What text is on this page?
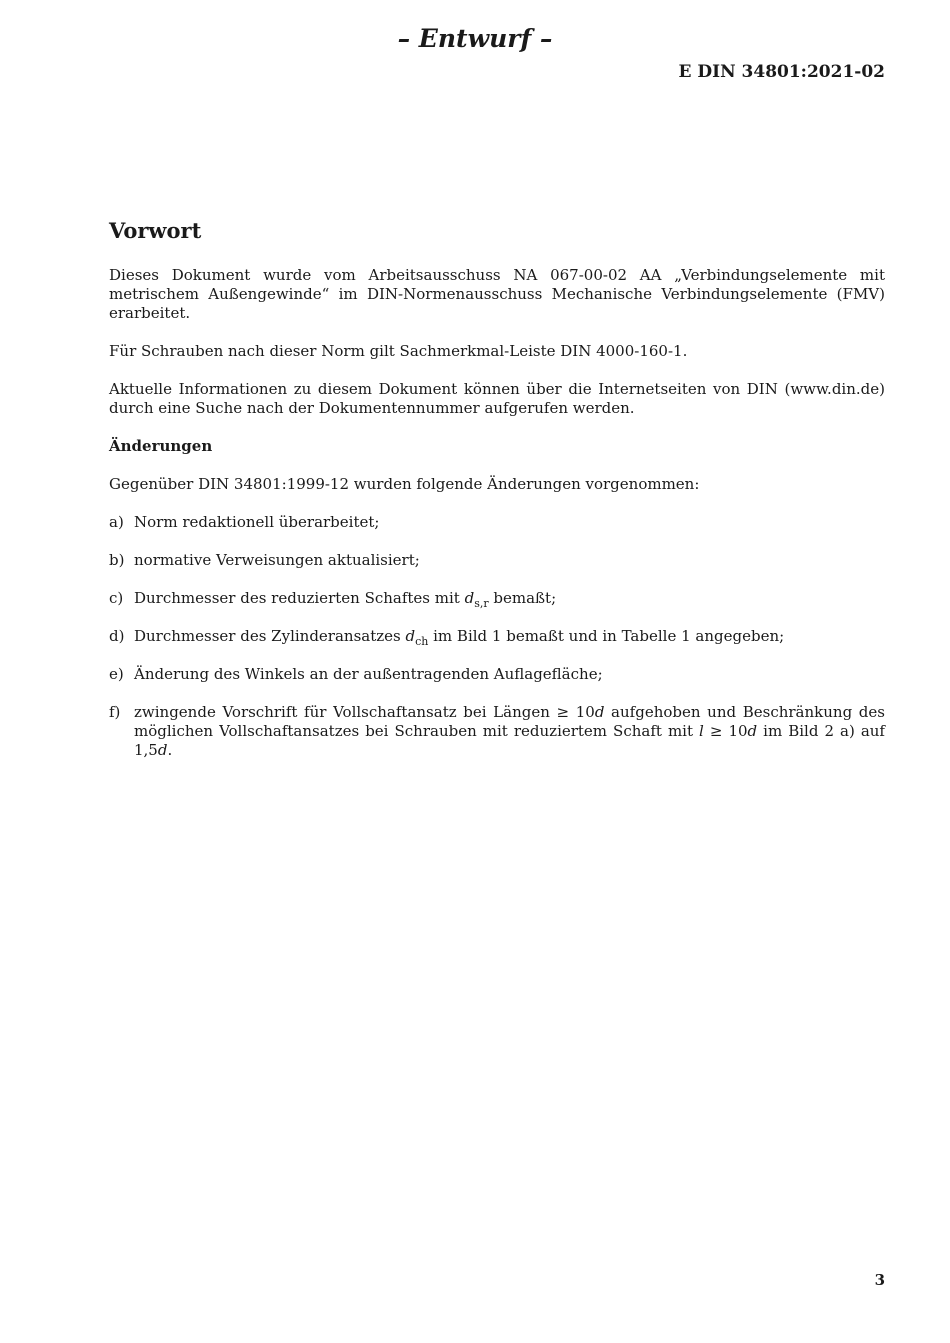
– Entwurf –
E DIN 34801:2021-02
Vorwort

Dieses Dokument wurde vom Arbeitsausschuss NA 067-00-02 AA „Verbindungselemente mit metrischem Außengewinde“ im DIN-Normenausschuss Mechanische Verbindungselemente (FMV) erarbeitet.

Für Schrauben nach dieser Norm gilt Sachmerkmal-Leiste DIN 4000-160-1.

Aktuelle Informationen zu diesem Dokument können über die Internetseiten von DIN (www.din.de) durch eine Suche nach der Dokumentennummer aufgerufen werden.

Änderungen

Gegenüber DIN 34801:1999-12 wurden folgende Änderungen vorgenommen:

a) Norm redaktionell überarbeitet;
b) normative Verweisungen aktualisiert;
c) Durchmesser des reduzierten Schaftes mit $d_{s,r}$ bemaßt;
d) Durchmesser des Zylinderansatzes $d_{ch}$ im Bild 1 bemaßt und in Tabelle 1 angegeben;
e) Änderung des Winkels an der außentragenden Auflagefläche;
f) zwingende Vorschrift für Vollschaftansatz bei Längen ≥ 10d aufgehoben und Beschränkung des möglichen Vollschaftansatzes bei Schrauben mit reduziertem Schaft mit l ≥ 10d im Bild 2 a) auf 1,5d.
3
